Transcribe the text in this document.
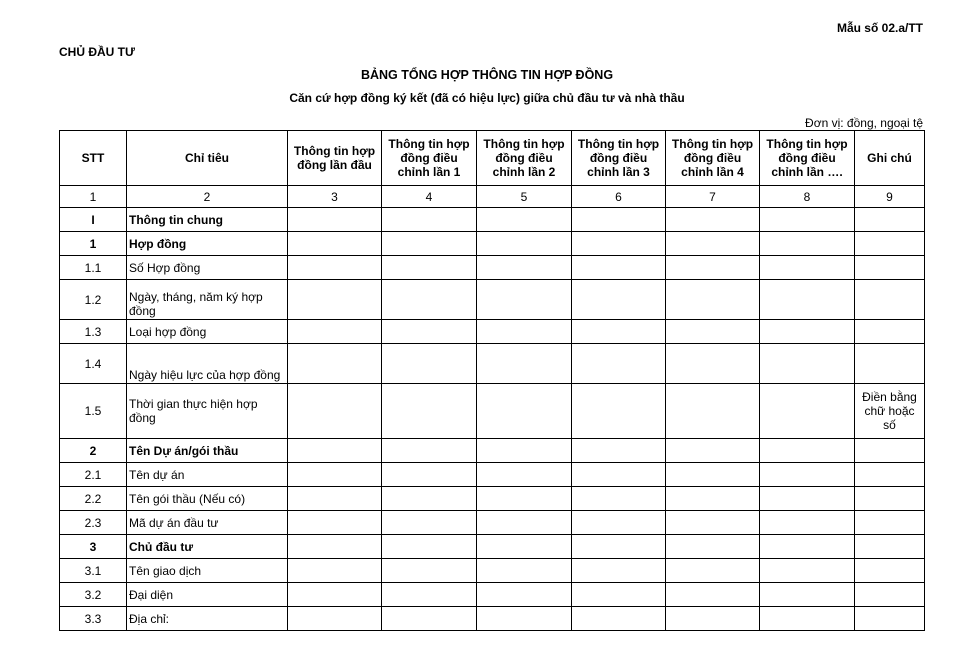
Mẫu số 02.a/TT
CHỦ ĐẦU TƯ
BẢNG TỔNG HỢP THÔNG TIN HỢP ĐỒNG
Căn cứ hợp đồng ký kết (đã có hiệu lực) giữa chủ đầu tư và nhà thầu
Đơn vị: đồng, ngoại tệ
STT	Chỉ tiêu	Thông tin hợp đồng lần đầu	Thông tin hợp đồng điều chỉnh lần 1	Thông tin hợp đồng điều chỉnh lần 2	Thông tin hợp đồng điều chỉnh lần 3	Thông tin hợp đồng điều chỉnh lần 4	Thông tin hợp đồng điều chỉnh lần ….	Ghi chú
1	2	3	4	5	6	7	8	9
I	Thông tin chung							
1	Hợp đồng							
1.1	Số Hợp đồng							
1.2	Ngày, tháng, năm ký hợp đồng							
1.3	Loại hợp đồng							
1.4	Ngày hiệu lực của hợp đồng							
1.5	Thời gian thực hiện hợp đồng							Điền bằng chữ hoặc số
2	Tên Dự án/gói thầu							
2.1	Tên dự án							
2.2	Tên gói thầu (Nếu có)							
2.3	Mã dự án đầu tư							
3	Chủ đầu tư							
3.1	Tên giao dịch							
3.2	Đại diện							
3.3	Địa chỉ:							
